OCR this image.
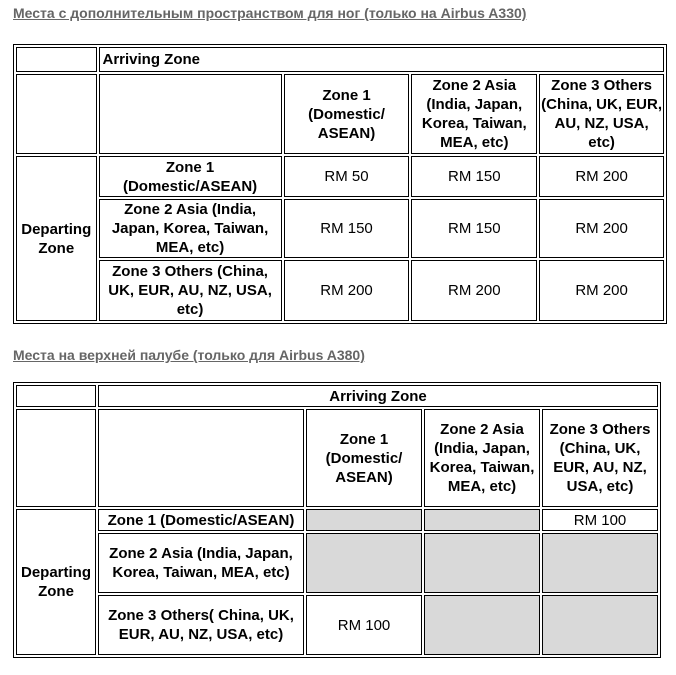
Места с дополнительным пространством для ног (только на Airbus A330)
	Arriving Zone			
		Zone 1 (Domestic/ ASEAN)	Zone 2 Asia (India, Japan, Korea, Taiwan, MEA, etc)	Zone 3 Others (China, UK, EUR, AU, NZ, USA, etc)
Departing Zone	Zone 1 (Domestic/ASEAN)	RM 50	RM 150	RM 200
	Zone 2 Asia (India, Japan, Korea, Taiwan, MEA, etc)	RM 150	RM 150	RM 200
	Zone 3 Others (China, UK, EUR, AU, NZ, USA, etc)	RM 200	RM 200	RM 200
Места на верхней палубе (только для Airbus A380)
	Arriving Zone			
		Zone 1 (Domestic/ ASEAN)	Zone 2 Asia (India, Japan, Korea, Taiwan, MEA, etc)	Zone 3 Others (China, UK, EUR, AU, NZ, USA, etc)
Departing Zone	Zone 1 (Domestic/ASEAN)			RM 100
	Zone 2 Asia (India, Japan, Korea, Taiwan, MEA, etc)			
	Zone 3 Others( China, UK, EUR, AU, NZ, USA, etc)	RM 100		
